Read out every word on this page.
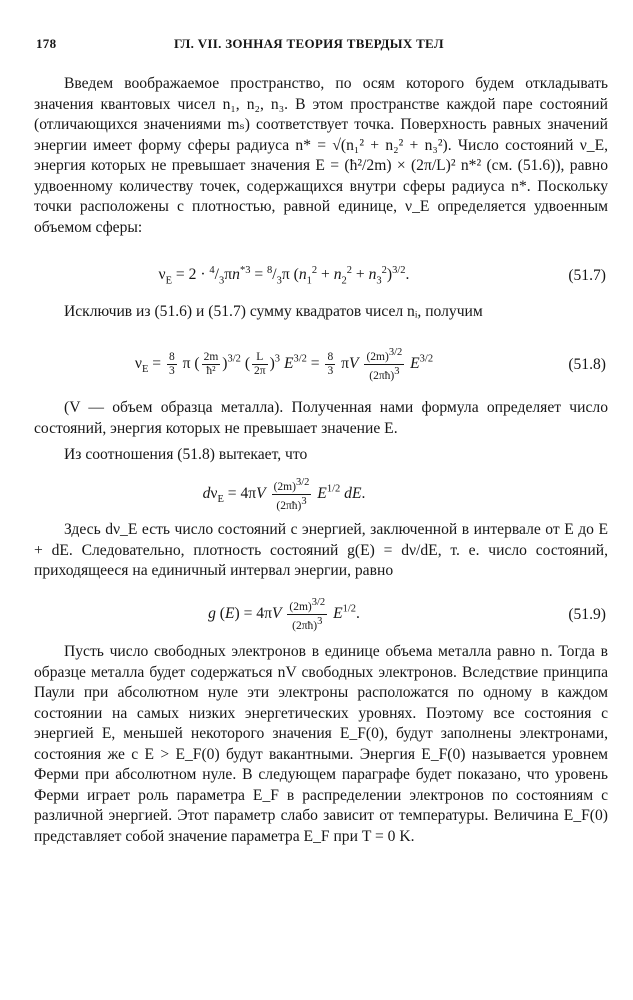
178	ГЛ. VII. ЗОННАЯ ТЕОРИЯ ТВЕРДЫХ ТЕЛ
Введем воображаемое пространство, по осям которого будем откладывать значения квантовых чисел n₁, n₂, n₃. В этом пространстве каждой паре состояний (отличающихся значениями mₛ) соответствует точка. Поверхность равных значений энергии имеет форму сферы радиуса n* = √(n₁² + n₂² + n₃²). Число состояний ν_E, энергия которых не превышает значения E = (ħ²/2m) × (2π/L)² n*² (см. (51.6)), равно удвоенному количеству точек, содержащихся внутри сферы радиуса n*. Поскольку точки расположены с плотностью, равной единице, ν_E определяется удвоенным объемом сферы:
$\nu_E = 2 \cdot ^4/_3\pi n^{*3} = ^8/_3\pi$ $(n_1^2 + n_2^2 + n_3^2)^{3/2}$.	(51.7)
Исключив из (51.6) и (51.7) сумму квадратов чисел nᵢ, получим
$\nu_E = \frac{8}{3}$ π ( $\frac{2m}{\text{ħ²}} )^{3/2}$ ( $\frac{L}{2\pi} )^3$ $E^{3/2} = \frac{8}{3}$ πV $\frac{(2m)^{3/2}}{(2\pi ħ)^3} E^{3/2}$	(51.8)
(V — объем образца металла). Полученная нами формула определяет число состояний, энергия которых не превышает значение E.
Из соотношения (51.8) вытекает, что
$d\nu_E = 4\pi V \frac{(2m)^{3/2}}{(2\pi ħ)^3} E^{1/2}$ dE.
Здесь dν_E есть число состояний с энергией, заключенной в интервале от E до E + dE. Следовательно, плотность состояний g(E) = dν/dE, т. е. число состояний, приходящееся на единичный интервал энергии, равно
g $(E) = 4\pi V \frac{(2m)^{3/2}}{(2\pi ħ)^3} E^{1/2}$.	(51.9)
Пусть число свободных электронов в единице объема металла равно n. Тогда в образце металла будет содержаться nV свободных электронов. Вследствие принципа Паули при абсолютном нуле эти электроны расположатся по одному в каждом состоянии на самых низких энергетических уровнях. Поэтому все состояния с энергией E, меньшей некоторого значения E_F(0), будут заполнены электронами, состояния же с E > E_F(0) будут вакантными. Энергия E_F(0) называется уровнем Ферми при абсолютном нуле. В следующем параграфе будет показано, что уровень Ферми играет роль параметра E_F в распределении электронов по состояниям с различной энергией. Этот параметр слабо зависит от температуры. Величина E_F(0) представляет собой значение параметра E_F при T = 0 K.
